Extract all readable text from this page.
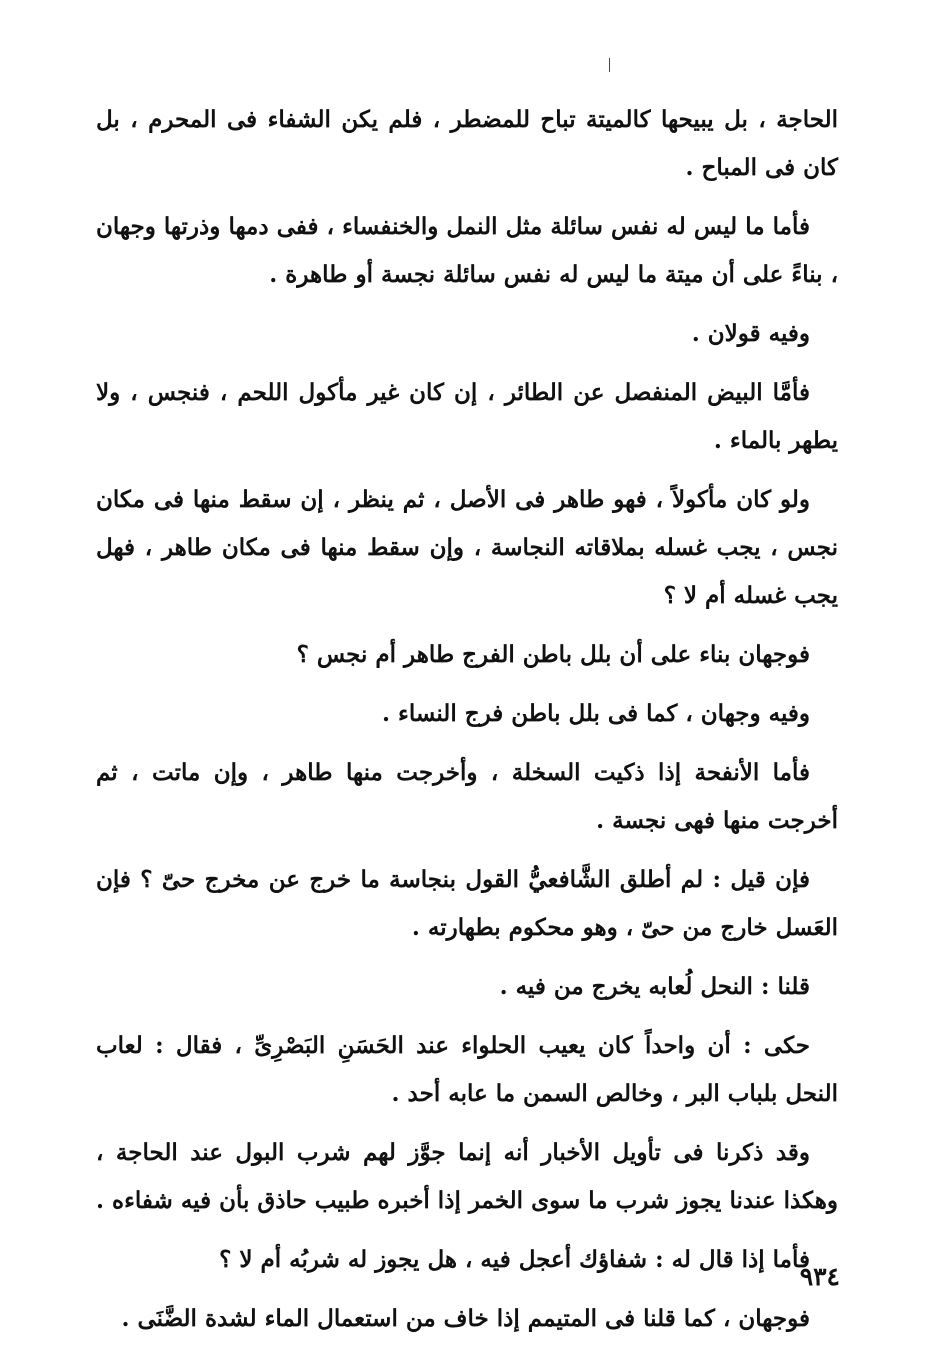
الحاجة ، بل يبيحها كالميتة تباح للمضطر ، فلم يكن الشفاء فى المحرم ، بل كان فى المباح .

فأما ما ليس له نفس سائلة مثل النمل والخنفساء ، ففى دمها وذرتها وجهان ، بناءً على أن ميتة ما ليس له نفس سائلة نجسة أو طاهرة .

وفيه قولان .

فأمَّا البيض المنفصل عن الطائر ، إن كان غير مأكول اللحم ، فنجس ، ولا يطهر بالماء .

ولو كان مأكولاً ، فهو طاهر فى الأصل ، ثم ينظر ، إن سقط منها فى مكان نجس ، يجب غسله بملاقاته النجاسة ، وإن سقط منها فى مكان طاهر ، فهل يجب غسله أم لا ؟

فوجهان بناء على أن بلل باطن الفرج طاهر أم نجس ؟

وفيه وجهان ، كما فى بلل باطن فرج النساء .

فأما الأنفحة إذا ذكيت السخلة ، وأخرجت منها طاهر ، وإن ماتت ، ثم أخرجت منها فهى نجسة .

فإن قيل : لم أطلق الشَّافعيُّ القول بنجاسة ما خرج عن مخرج حىّ ؟ فإن العَسل خارج من حىّ ، وهو محكوم بطهارته .

قلنا : النحل لُعابه يخرج من فيه .

حكى : أن واحداً كان يعيب الحلواء عند الحَسَنِ البَصْرِىِّ ، فقال : لعاب النحل بلباب البر ، وخالص السمن ما عابه أحد .

وقد ذكرنا فى تأويل الأخبار أنه إنما جوَّز لهم شرب البول عند الحاجة ، وهكذا عندنا يجوز شرب ما سوى الخمر إذا أخبره طبيب حاذق بأن فيه شفاءه .

فأما إذا قال له : شفاؤك أعجل فيه ، هل يجوز له شربُه أم لا ؟

فوجهان ، كما قلنا فى المتيمم إذا خاف من استعمال الماء لشدة الضَّنَى .

٩٣٤
